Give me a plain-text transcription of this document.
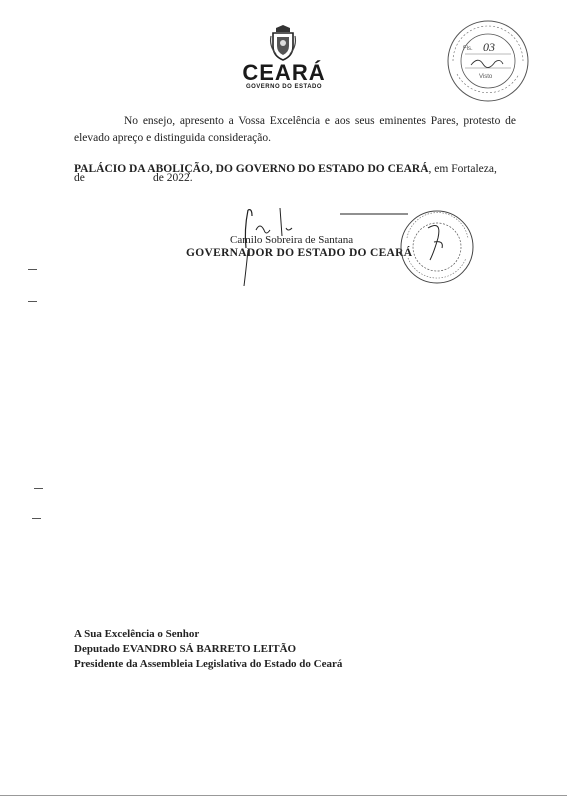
CEARÁ
GOVERNO DO ESTADO
Fls. 03
Visto
No ensejo, apresento a Vossa Excelência e aos seus eminentes Pares, protesto de elevado apreço e distinguida consideração.
PALÁCIO DA ABOLIÇÃO, DO GOVERNO DO ESTADO DO CEARÁ, em Fortaleza,
de	de 2022.
Camilo Sobreira de Santana
GOVERNADOR DO ESTADO DO CEARÁ
A Sua Excelência o Senhor
Deputado EVANDRO SÁ BARRETO LEITÃO
Presidente da Assembleia Legislativa do Estado do Ceará
